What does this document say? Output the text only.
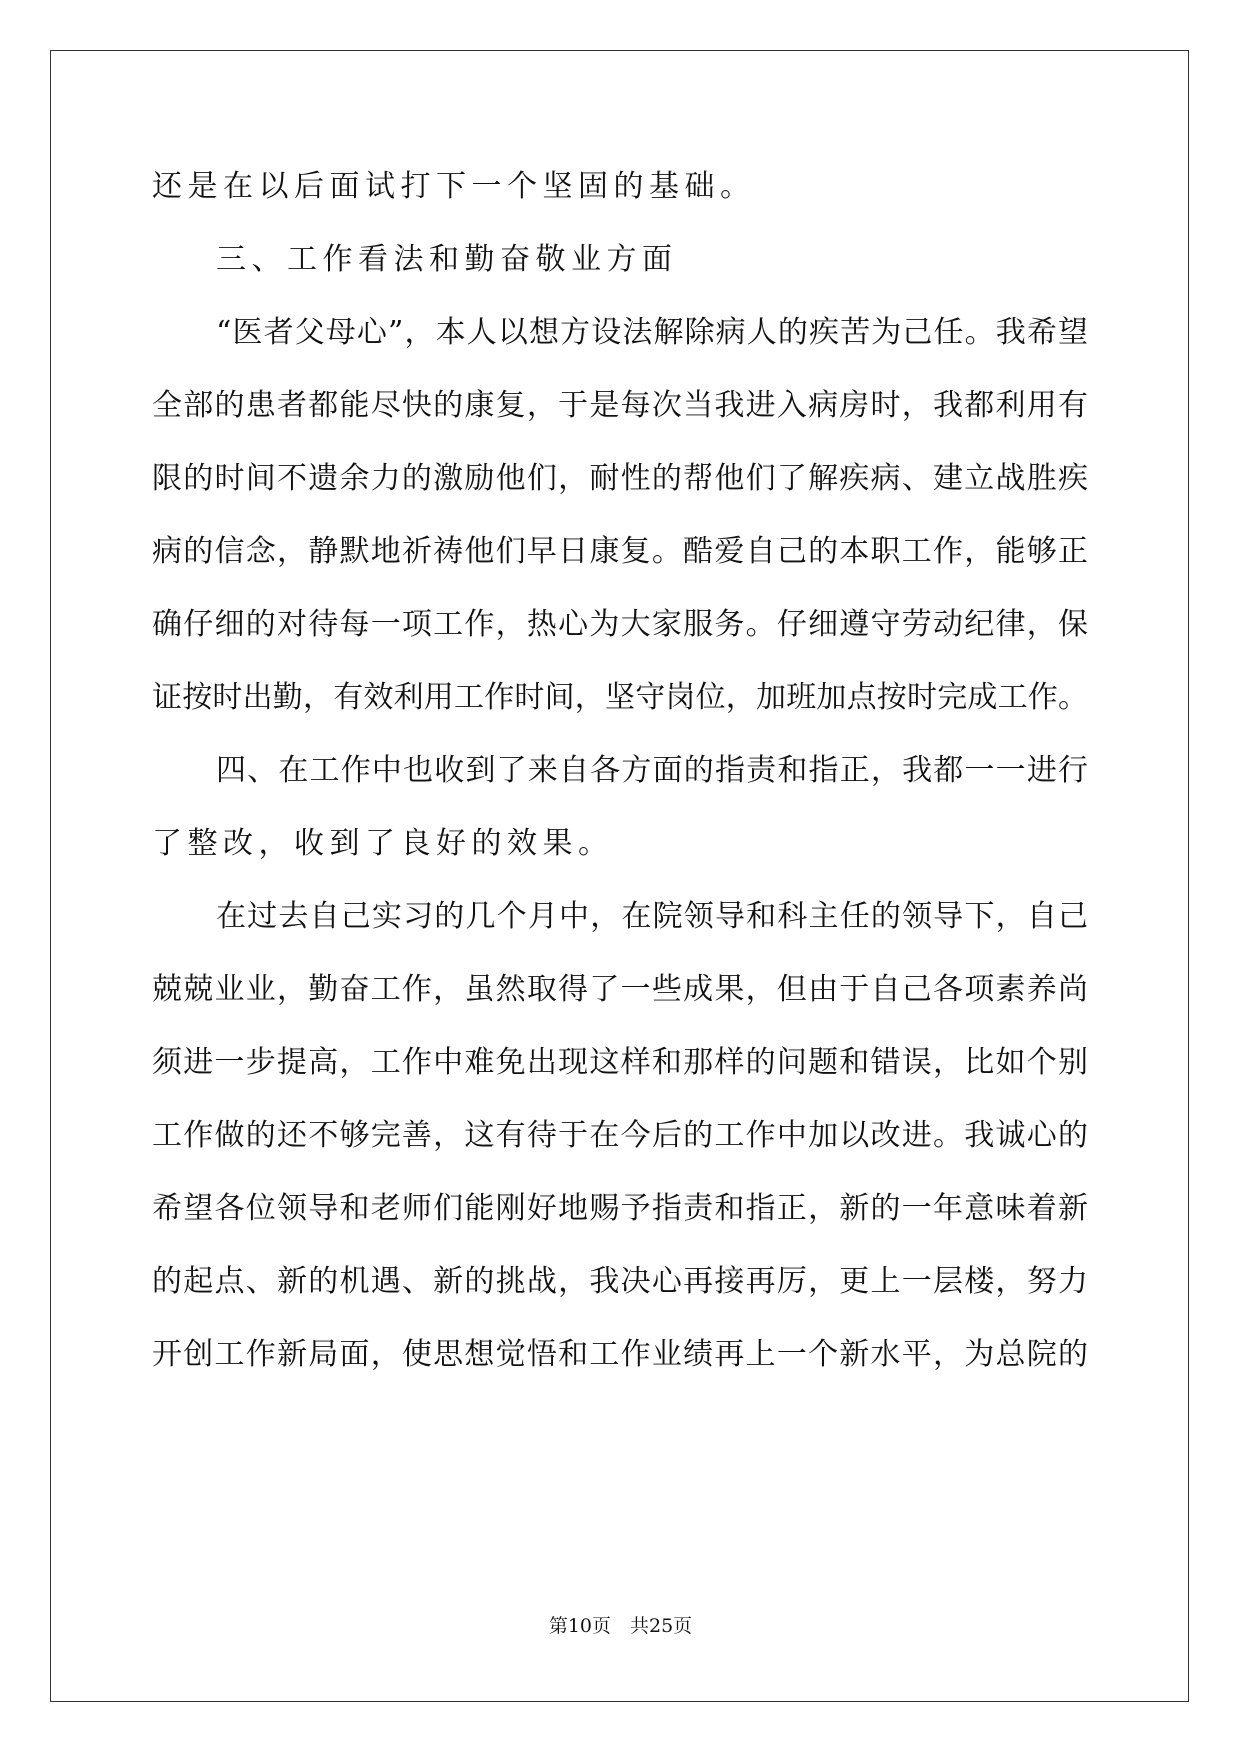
还是在以后面试打下一个坚固的基础。
三、工作看法和勤奋敬业方面
“医者父母心”，本人以想方设法解除病人的疾苦为己任。我希望
全部的患者都能尽快的康复，于是每次当我进入病房时，我都利用有
限的时间不遗余力的激励他们，耐性的帮他们了解疾病、建立战胜疾
病的信念，静默地祈祷他们早日康复。酷爱自己的本职工作，能够正
确仔细的对待每一项工作，热心为大家服务。仔细遵守劳动纪律，保
证按时出勤，有效利用工作时间，坚守岗位，加班加点按时完成工作。
四、在工作中也收到了来自各方面的指责和指正，我都一一进行
了整改，收到了良好的效果。
在过去自己实习的几个月中，在院领导和科主任的领导下，自己
兢兢业业，勤奋工作，虽然取得了一些成果，但由于自己各项素养尚
须进一步提高，工作中难免出现这样和那样的问题和错误，比如个别
工作做的还不够完善，这有待于在今后的工作中加以改进。我诚心的
希望各位领导和老师们能刚好地赐予指责和指正，新的一年意味着新
的起点、新的机遇、新的挑战，我决心再接再厉，更上一层楼，努力
开创工作新局面，使思想觉悟和工作业绩再上一个新水平，为总院的
第10页　共25页
